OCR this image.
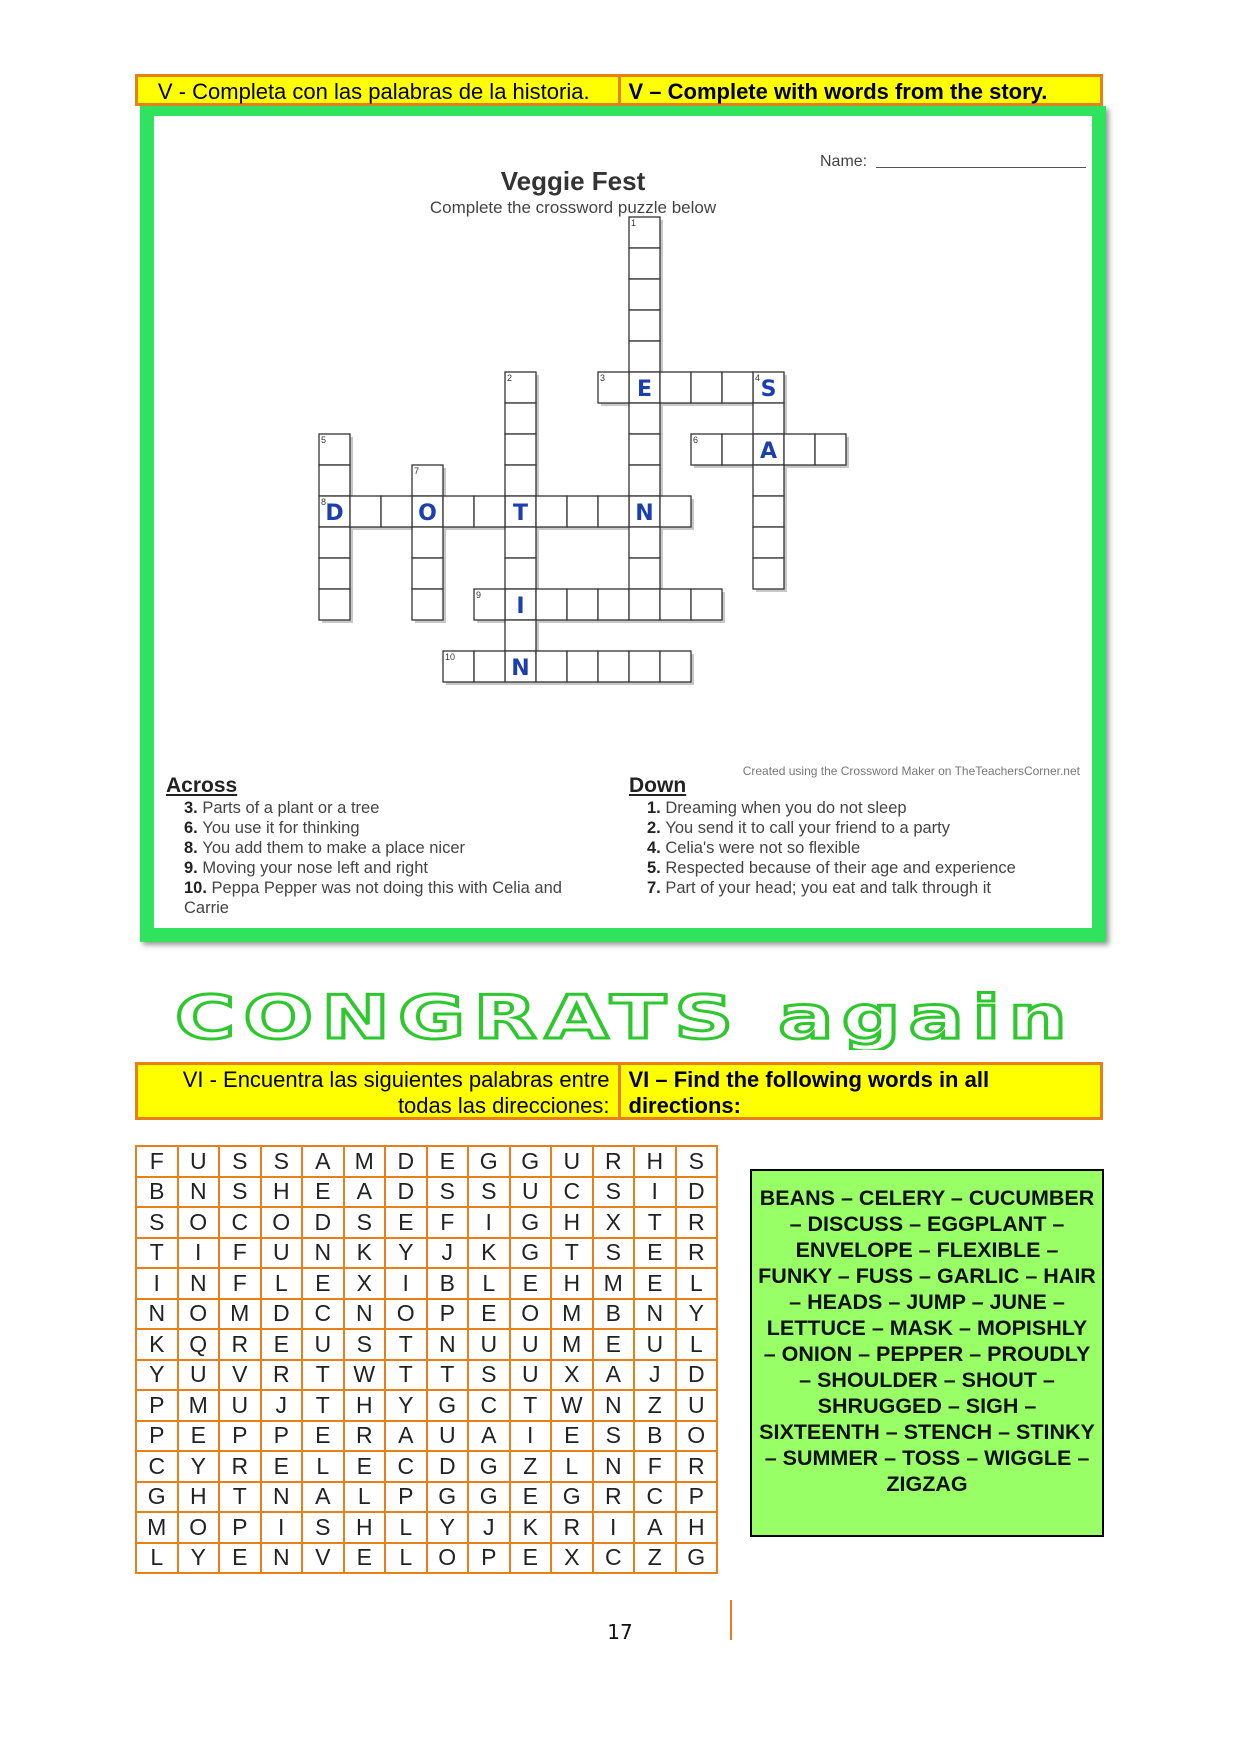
V - Completa con las palabras de la historia.	V – Complete with words from the story.
Veggie Fest
Complete the crossword puzzle below
Name:
1
2	3	4
5	6
7
8
9
10
E	S
A
D	O	T	N
I
N
Created using the Crossword Maker on TheTeachersCorner.net
Across
3. Parts of a plant or a tree
6. You use it for thinking
8. You add them to make a place nicer
9. Moving your nose left and right
10. Peppa Pepper was not doing this with Celia and Carrie
Down
1. Dreaming when you do not sleep
2. You send it to call your friend to a party
4. Celia's were not so flexible
5. Respected because of their age and experience
7. Part of your head; you eat and talk through it
CONGRATS again
VI - Encuentra las siguientes palabras entre todas las direcciones:
VI – Find the following words in all directions:
F	U	S	S	A	M	D	E	G	G	U	R	H	S
B	N	S	H	E	A	D	S	S	U	C	S	I	D
S	O	C	O	D	S	E	F	I	G	H	X	T	R
T	I	F	U	N	K	Y	J	K	G	T	S	E	R
I	N	F	L	E	X	I	B	L	E	H	M	E	L
N	O	M	D	C	N	O	P	E	O	M	B	N	Y
K	Q	R	E	U	S	T	N	U	U	M	E	U	L
Y	U	V	R	T	W	T	T	S	U	X	A	J	D
P	M	U	J	T	H	Y	G	C	T	W	N	Z	U
P	E	P	P	E	R	A	U	A	I	E	S	B	O
C	Y	R	E	L	E	C	D	G	Z	L	N	F	R
G	H	T	N	A	L	P	G	G	E	G	R	C	P
M	O	P	I	S	H	L	Y	J	K	R	I	A	H
L	Y	E	N	V	E	L	O	P	E	X	C	Z	G
BEANS – CELERY – CUCUMBER – DISCUSS – EGGPLANT – ENVELOPE – FLEXIBLE – FUNKY – FUSS – GARLIC – HAIR – HEADS – JUMP – JUNE – LETTUCE – MASK – MOPISHLY – ONION – PEPPER – PROUDLY – SHOULDER – SHOUT – SHRUGGED – SIGH – SIXTEENTH – STENCH – STINKY – SUMMER – TOSS – WIGGLE – ZIGZAG
17
